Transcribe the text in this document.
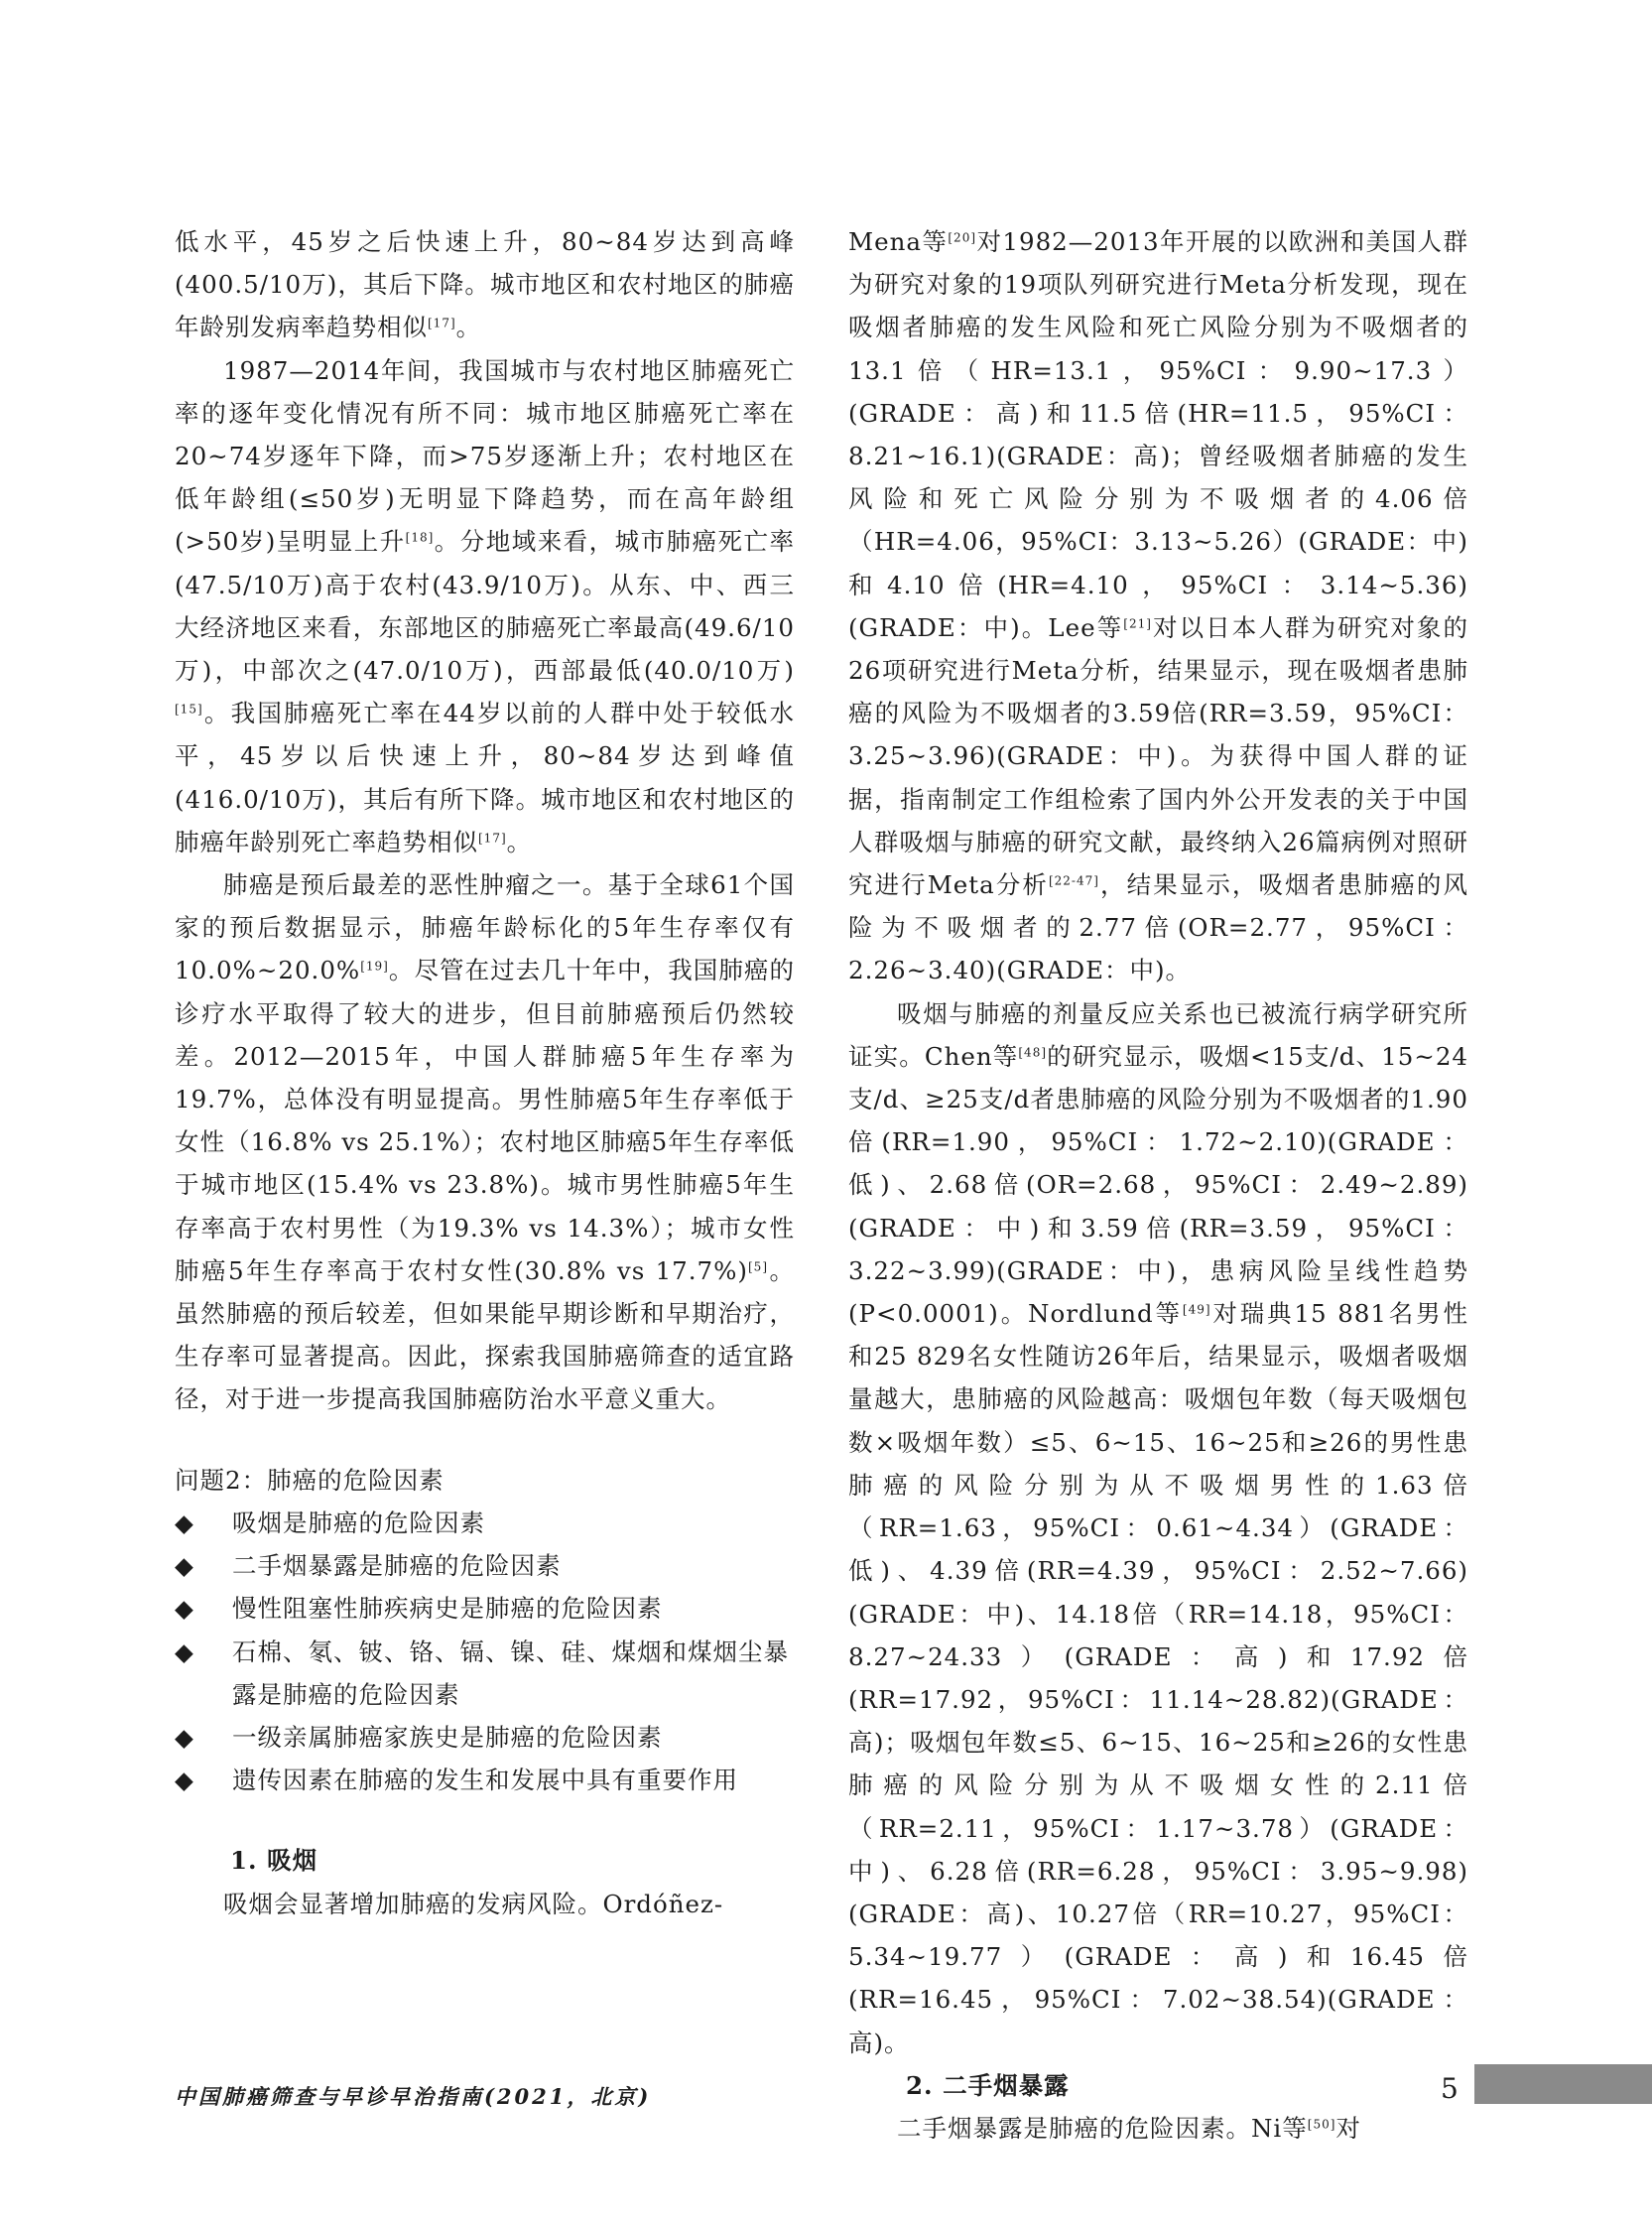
低水平，45岁之后快速上升，80~84岁达到高峰(400.5/10万)，其后下降。城市地区和农村地区的肺癌年龄别发病率趋势相似[17]。

1987—2014年间，我国城市与农村地区肺癌死亡率的逐年变化情况有所不同：城市地区肺癌死亡率在20~74岁逐年下降，而>75岁逐渐上升；农村地区在低年龄组(≤50岁)无明显下降趋势，而在高年龄组(>50岁)呈明显上升[18]。分地域来看，城市肺癌死亡率(47.5/10万)高于农村(43.9/10万)。从东、中、西三大经济地区来看，东部地区的肺癌死亡率最高(49.6/10万)，中部次之(47.0/10万)，西部最低(40.0/10万)[15]。我国肺癌死亡率在44岁以前的人群中处于较低水平，45岁以后快速上升，80~84岁达到峰值(416.0/10万)，其后有所下降。城市地区和农村地区的肺癌年龄别死亡率趋势相似[17]。

肺癌是预后最差的恶性肿瘤之一。基于全球61个国家的预后数据显示，肺癌年龄标化的5年生存率仅有10.0%~20.0%[19]。尽管在过去几十年中，我国肺癌的诊疗水平取得了较大的进步，但目前肺癌预后仍然较差。2012—2015年，中国人群肺癌5年生存率为19.7%，总体没有明显提高。男性肺癌5年生存率低于女性（16.8% vs 25.1%）；农村地区肺癌5年生存率低于城市地区(15.4% vs 23.8%)。城市男性肺癌5年生存率高于农村男性（为19.3% vs 14.3%）；城市女性肺癌5年生存率高于农村女性(30.8% vs 17.7%)[5]。虽然肺癌的预后较差，但如果能早期诊断和早期治疗，生存率可显著提高。因此，探索我国肺癌筛查的适宜路径，对于进一步提高我国肺癌防治水平意义重大。

问题2：肺癌的危险因素

◆ 吸烟是肺癌的危险因素
◆ 二手烟暴露是肺癌的危险因素
◆ 慢性阻塞性肺疾病史是肺癌的危险因素
◆ 石棉、氡、铍、铬、镉、镍、硅、煤烟和煤烟尘暴露是肺癌的危险因素
◆ 一级亲属肺癌家族史是肺癌的危险因素
◆ 遗传因素在肺癌的发生和发展中具有重要作用

1. 吸烟

吸烟会显著增加肺癌的发病风险。Ordóñez-

Mena等[20]对1982—2013年开展的以欧洲和美国人群为研究对象的19项队列研究进行Meta分析发现，现在吸烟者肺癌的发生风险和死亡风险分别为不吸烟者的13.1倍（HR=13.1，95%CI：9.90~17.3）(GRADE：高)和11.5倍(HR=11.5，95%CI：8.21~16.1)(GRADE：高)；曾经吸烟者肺癌的发生风险和死亡风险分别为不吸烟者的4.06倍（HR=4.06，95%CI：3.13~5.26）(GRADE：中)和4.10倍(HR=4.10，95%CI：3.14~5.36)(GRADE：中)。Lee等[21]对以日本人群为研究对象的26项研究进行Meta分析，结果显示，现在吸烟者患肺癌的风险为不吸烟者的3.59倍(RR=3.59，95%CI：3.25~3.96)(GRADE：中)。为获得中国人群的证据，指南制定工作组检索了国内外公开发表的关于中国人群吸烟与肺癌的研究文献，最终纳入26篇病例对照研究进行Meta分析[22-47]，结果显示，吸烟者患肺癌的风险为不吸烟者的2.77倍(OR=2.77，95%CI：2.26~3.40)(GRADE：中)。

吸烟与肺癌的剂量反应关系也已被流行病学研究所证实。Chen等[48]的研究显示，吸烟<15支/d、15~24支/d、≥25支/d者患肺癌的风险分别为不吸烟者的1.90倍(RR=1.90，95%CI：1.72~2.10)(GRADE：低)、2.68倍(OR=2.68，95%CI：2.49~2.89)(GRADE：中)和3.59倍(RR=3.59，95%CI：3.22~3.99)(GRADE：中)，患病风险呈线性趋势(P<0.0001)。Nordlund等[49]对瑞典15 881名男性和25 829名女性随访26年后，结果显示，吸烟者吸烟量越大，患肺癌的风险越高：吸烟包年数（每天吸烟包数×吸烟年数）≤5、6~15、16~25和≥26的男性患肺癌的风险分别为从不吸烟男性的1.63倍（RR=1.63，95%CI：0.61~4.34）(GRADE：低)、4.39倍(RR=4.39，95%CI：2.52~7.66)(GRADE：中)、14.18倍（RR=14.18，95%CI：8.27~24.33）(GRADE：高)和17.92倍(RR=17.92，95%CI：11.14~28.82)(GRADE：高)；吸烟包年数≤5、6~15、16~25和≥26的女性患肺癌的风险分别为从不吸烟女性的2.11倍（RR=2.11，95%CI：1.17~3.78）(GRADE：中)、6.28倍(RR=6.28，95%CI：3.95~9.98)(GRADE：高)、10.27倍（RR=10.27，95%CI：5.34~19.77）(GRADE：高)和16.45倍(RR=16.45，95%CI：7.02~38.54)(GRADE：高)。

2. 二手烟暴露

二手烟暴露是肺癌的危险因素。Ni等[50]对

中国肺癌筛查与早诊早治指南(2021，北京)	5
